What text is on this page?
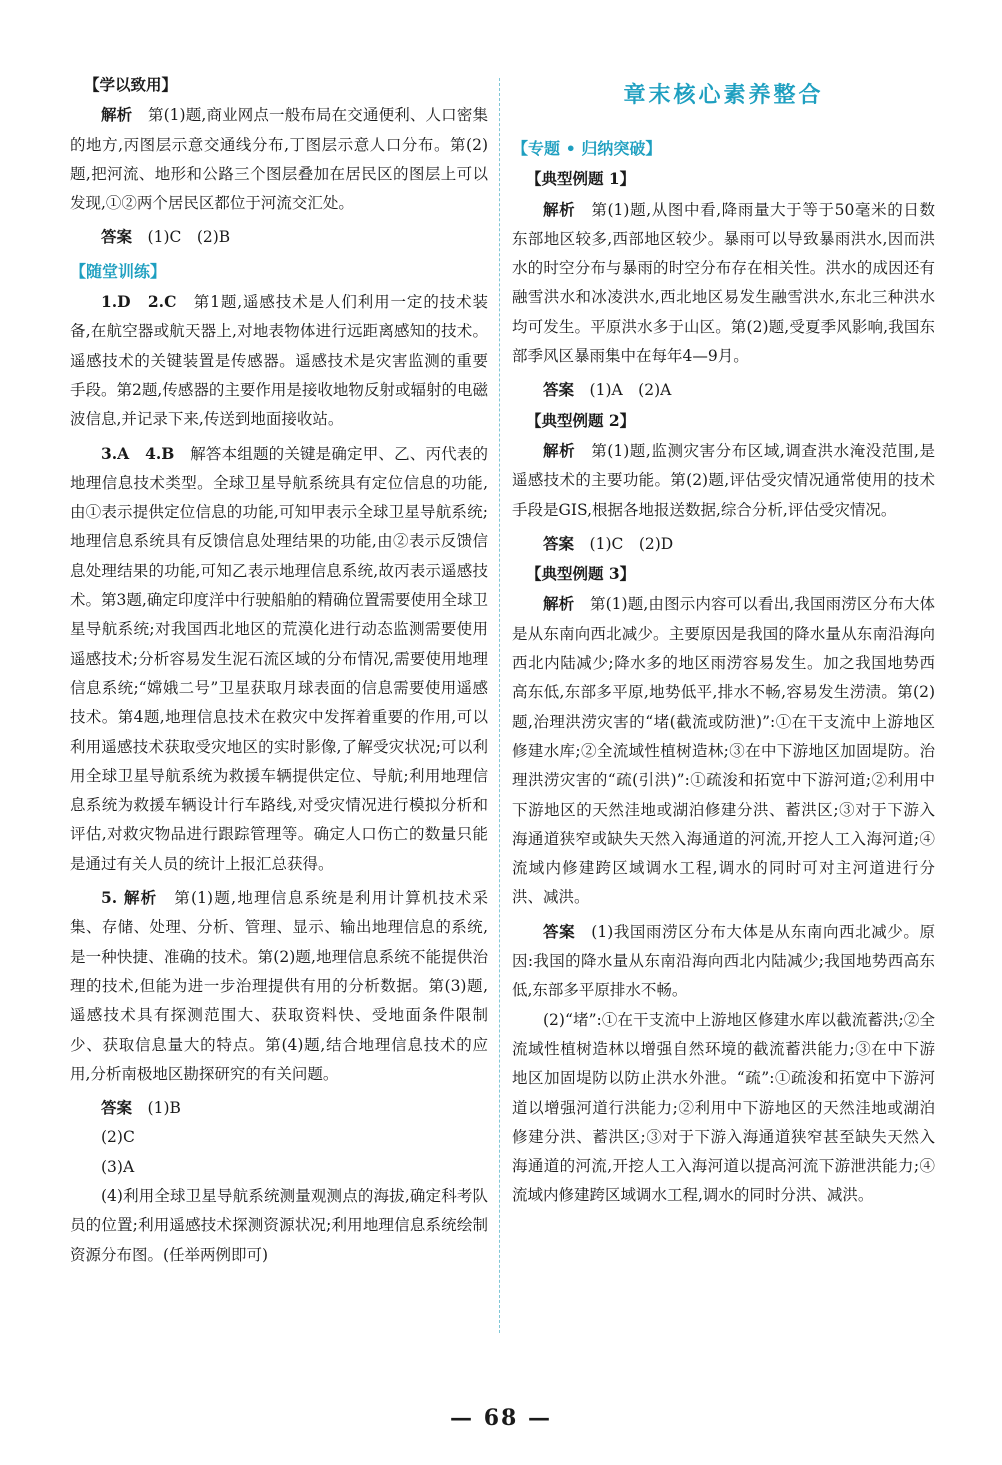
【学以致用】

解析　 第(1)题,商业网点一般布局在交通便利、人口密集的地方,丙图层示意交通线分布,丁图层示意人口分布。第(2)题,把河流、地形和公路三个图层叠加在居民区的图层上可以发现,①②两个居民区都位于河流交汇处。

答案　 (1)C　(2)B

【随堂训练】

1.D　2.C　 第1题,遥感技术是人们利用一定的技术装备,在航空器或航天器上,对地表物体进行远距离感知的技术。遥感技术的关键装置是传感器。遥感技术是灾害监测的重要手段。第2题,传感器的主要作用是接收地物反射或辐射的电磁波信息,并记录下来,传送到地面接收站。

3.A　4.B　 解答本组题的关键是确定甲、乙、丙代表的地理信息技术类型。全球卫星导航系统具有定位信息的功能,由①表示提供定位信息的功能,可知甲表示全球卫星导航系统;地理信息系统具有反馈信息处理结果的功能,由②表示反馈信息处理结果的功能,可知乙表示地理信息系统,故丙表示遥感技术。第3题,确定印度洋中行驶船舶的精确位置需要使用全球卫星导航系统;对我国西北地区的荒漠化进行动态监测需要使用遥感技术;分析容易发生泥石流区域的分布情况,需要使用地理信息系统;“嫦娥二号”卫星获取月球表面的信息需要使用遥感技术。第4题,地理信息技术在救灾中发挥着重要的作用,可以利用遥感技术获取受灾地区的实时影像,了解受灾状况;可以利用全球卫星导航系统为救援车辆提供定位、导航;利用地理信息系统为救援车辆设计行车路线,对受灾情况进行模拟分析和评估,对救灾物品进行跟踪管理等。确定人口伤亡的数量只能是通过有关人员的统计上报汇总获得。

5. 解析　 第(1)题,地理信息系统是利用计算机技术采集、存储、处理、分析、管理、显示、输出地理信息的系统,是一种快捷、准确的技术。第(2)题,地理信息系统不能提供治理的技术,但能为进一步治理提供有用的分析数据。第(3)题,遥感技术具有探测范围大、获取资料快、受地面条件限制少、获取信息量大的特点。第(4)题,结合地理信息技术的应用,分析南极地区勘探研究的有关问题。

答案　 (1)B

(2)C

(3)A

(4)利用全球卫星导航系统测量观测点的海拔,确定科考队员的位置;利用遥感技术探测资源状况;利用地理信息系统绘制资源分布图。(任举两例即可)

章末核心素养整合
【专题 • 归纳突破】

【典型例题 1】

解析　 第(1)题,从图中看,降雨量大于等于50毫米的日数东部地区较多,西部地区较少。暴雨可以导致暴雨洪水,因而洪水的时空分布与暴雨的时空分布存在相关性。洪水的成因还有融雪洪水和冰凌洪水,西北地区易发生融雪洪水,东北三种洪水均可发生。平原洪水多于山区。第(2)题,受夏季风影响,我国东部季风区暴雨集中在每年4—9月。

答案　 (1)A　(2)A

【典型例题 2】

解析　 第(1)题,监测灾害分布区域,调查洪水淹没范围,是遥感技术的主要功能。第(2)题,评估受灾情况通常使用的技术手段是GIS,根据各地报送数据,综合分析,评估受灾情况。

答案　 (1)C　(2)D

【典型例题 3】

解析　 第(1)题,由图示内容可以看出,我国雨涝区分布大体是从东南向西北减少。主要原因是我国的降水量从东南沿海向西北内陆减少;降水多的地区雨涝容易发生。加之我国地势西高东低,东部多平原,地势低平,排水不畅,容易发生涝渍。第(2)题,治理洪涝灾害的“堵(截流或防泄)”:①在干支流中上游地区修建水库;②全流域性植树造林;③在中下游地区加固堤防。治理洪涝灾害的“疏(引洪)”:①疏浚和拓宽中下游河道;②利用中下游地区的天然洼地或湖泊修建分洪、蓄洪区;③对于下游入海通道狭窄或缺失天然入海通道的河流,开挖人工入海河道;④流域内修建跨区域调水工程,调水的同时可对主河道进行分洪、减洪。

答案　 (1)我国雨涝区分布大体是从东南向西北减少。原因:我国的降水量从东南沿海向西北内陆减少;我国地势西高东低,东部多平原排水不畅。

(2)“堵”:①在干支流中上游地区修建水库以截流蓄洪;②全流域性植树造林以增强自然环境的截流蓄洪能力;③在中下游地区加固堤防以防止洪水外泄。“疏”:①疏浚和拓宽中下游河道以增强河道行洪能力;②利用中下游地区的天然洼地或湖泊修建分洪、蓄洪区;③对于下游入海通道狭窄甚至缺失天然入海通道的河流,开挖人工入海河道以提高河流下游泄洪能力;④流域内修建跨区域调水工程,调水的同时分洪、减洪。

— 68 —
